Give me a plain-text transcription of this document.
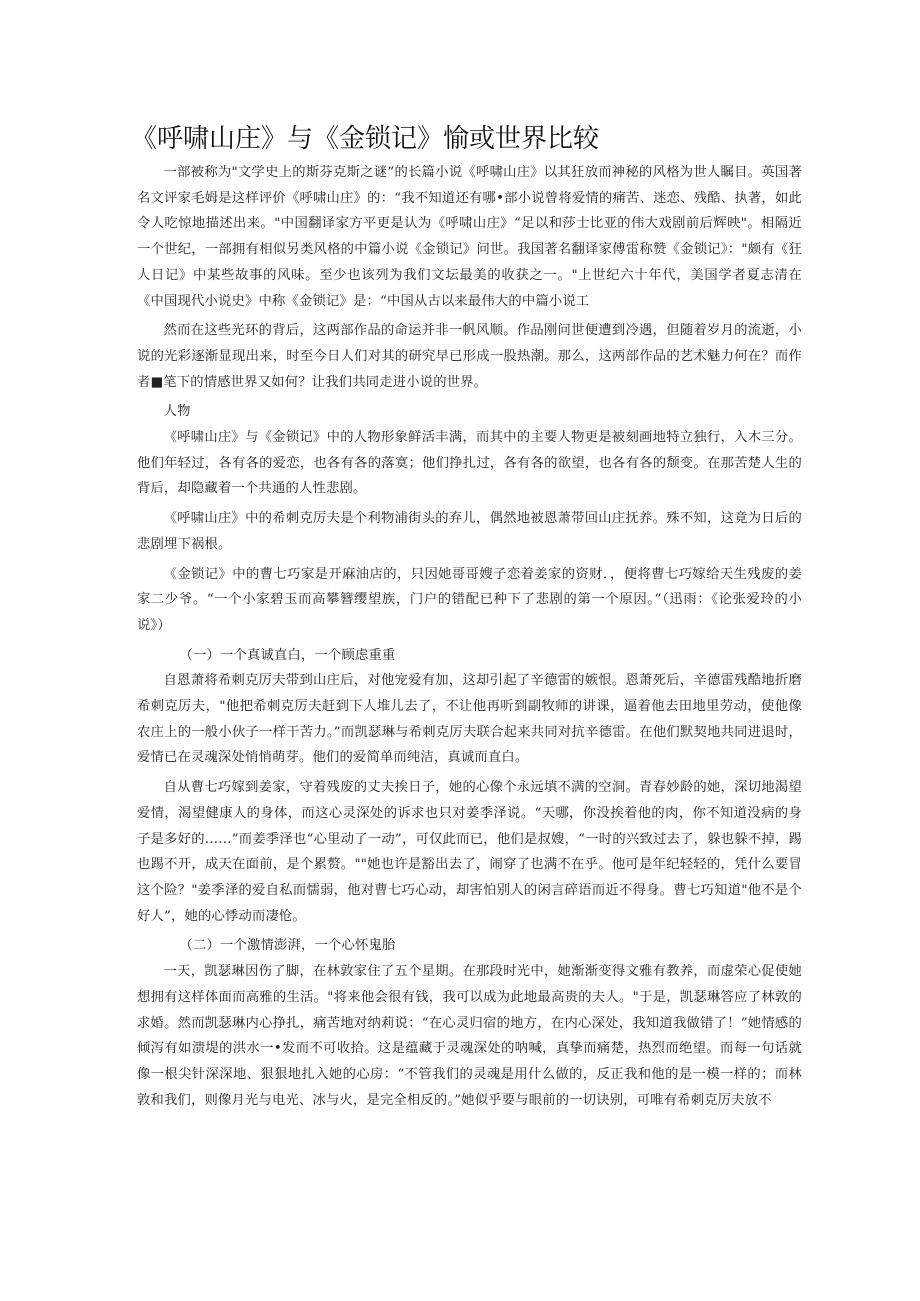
《呼啸山庄》与《金锁记》愉或世界比较

一部被称为"文学史上的斯芬克斯之谜”的长篇小说《呼啸山庄》以其狂放而神秘的风格为世人瞩目。英国著名文评家毛姆是这样评价《呼啸山庄》的：“我不知道还有哪•部小说曾将爱情的痛苦、迷恋、残酷、执著，如此令人吃惊地描述出来。"中国翻译家方平更是认为《呼啸山庄》“足以和莎士比亚的伟大戏剧前后辉映"。相隔近一个世纪，一部拥有相似另类风格的中篇小说《金锁记》问世。我国著名翻译家傅雷称赞《金锁记》："颇有《狂人日记》中某些故事的风味。至少也该列为我们文坛最美的收获之一。"上世纪六十年代，美国学者夏志清在《中国现代小说史》中称《金锁记》是：“中国从古以来最伟大的中篇小说工

然而在这些光环的背后，这两部作品的命运并非一帆风顺。作品刚问世便遭到冷遇，但随着岁月的流逝，小说的光彩逐渐显现出来，时至今日人们对其的研究早已形成一股热潮。那么，这两部作品的艺术魅力何在？而作者■笔下的情感世界又如何？让我们共同走进小说的世界。

人物

《呼啸山庄》与《金锁记》中的人物形象鲜活丰满，而其中的主要人物更是被刻画地特立独行，入木三分。他们年轻过，各有各的爱恋，也各有各的落寞；他们挣扎过，各有各的欲望，也各有各的颓变。在那苦楚人生的背后，却隐藏着一个共通的人性悲剧。

《呼啸山庄》中的希刺克厉夫是个利物浦街头的弃儿，偶然地被恩萧带回山庄抚养。殊不知，这竟为日后的悲剧埋下祸根。

《金锁记》中的曹七巧家是开麻油店的，只因她哥哥嫂子恋着姜家的资财．，便将曹七巧嫁给天生残废的姜家二少爷。“一个小家碧玉而高攀簪缨望族，门户的错配已种下了悲剧的第一个原因。”（迅雨：《论张爱玲的小说》）

（一）一个真诚直白，一个顾虑重重

自恩萧将希刺克厉夫带到山庄后，对他宠爱有加，这却引起了辛德雷的嫉恨。恩萧死后，辛德雷残酷地折磨希刺克厉夫，"他把希刺克厉夫赶到下人堆儿去了，不让他再听到副牧师的讲课，逼着他去田地里劳动，使他像农庄上的一般小伙子一样干苦力。”而凯瑟琳与希刺克厉夫联合起来共同对抗辛德雷。在他们默契地共同进退时，爱情已在灵魂深处悄悄萌芽。他们的爱简单而纯洁，真诚而直白。

自从曹七巧嫁到姜家，守着残废的丈夫挨日子，她的心像个永远填不满的空洞。青春妙龄的她，深切地渴望爱情，渴望健康人的身体，而这心灵深处的诉求也只对姜季泽说。“天哪，你没挨着他的肉，你不知道没病的身子是多好的……”而姜季泽也“心里动了一动”，可仅此而已，他们是叔嫂，“一时的兴致过去了，躲也躲不掉，踢也踢不开，成天在面前，是个累赘。""她也许是豁出去了，闹穿了也满不在乎。他可是年纪轻轻的，凭什么要冒这个险？"姜季泽的爱自私而懦弱，他对曹七巧心动，却害怕别人的闲言碎语而近不得身。曹七巧知道"他不是个好人”，她的心悸动而凄怆。

（二）一个激情澎湃，一个心怀鬼胎

一天，凯瑟琳因伤了脚，在林敦家住了五个星期。在那段时光中，她渐渐变得文雅有教养，而虚荣心促使她想拥有这样体面而高雅的生活。"将来他会很有钱，我可以成为此地最高贵的夫人。"于是，凯瑟琳答应了林敦的求婚。然而凯瑟琳内心挣扎，痛苦地对纳莉说：“在心灵归宿的地方，在内心深处，我知道我做错了！”她情感的倾泻有如溃堤的洪水一•发而不可收拾。这是蕴藏于灵魂深处的呐喊，真挚而痛楚，热烈而绝望。而每一句话就像一根尖针深深地、狠狠地扎入她的心房：“不管我们的灵魂是用什么做的，反正我和他的是一模一样的；而林敦和我们，则像月光与电光、冰与火，是完全相反的。”她似乎要与眼前的一切诀别，可唯有希刺克厉夫放不
